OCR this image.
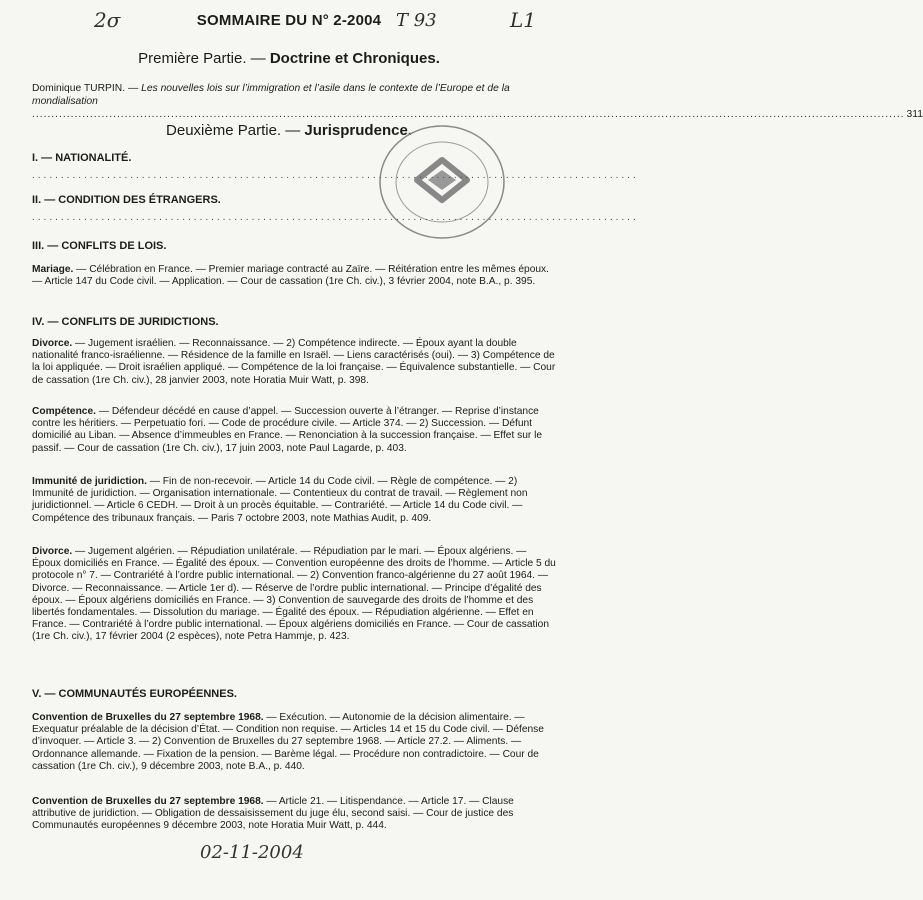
2σ	T 93	L1
SOMMAIRE DU N° 2-2004
Première Partie. — Doctrine et Chroniques.
Dominique TURPIN. — Les nouvelles lois sur l’immigration et l’asile dans le contexte de l’Europe et de la mondialisation
.................................................................................................................................................................................................................................. 311
Deuxième Partie. — Jurisprudence.
I. — NATIONALITÉ.
.........................................................................................................
II. — CONDITION DES ÉTRANGERS.
.........................................................................................................
III. — CONFLITS DE LOIS.
Mariage. — Célébration en France. — Premier mariage contracté au Zaïre. — Réitération entre les mêmes époux. — Article 147 du Code civil. — Application. — Cour de cassation (1re Ch. civ.), 3 février 2004, note B.A., p. 395.
IV. — CONFLITS DE JURIDICTIONS.
Divorce. — Jugement israélien. — Reconnaissance. — 2) Compétence indirecte. — Époux ayant la double nationalité franco-israélienne. — Résidence de la famille en Israël. — Liens caractérisés (oui). — 3) Compétence de la loi appliquée. — Droit israélien appliqué. — Compétence de la loi française. — Équivalence substantielle. — Cour de cassation (1re Ch. civ.), 28 janvier 2003, note Horatia Muir Watt, p. 398.
Compétence. — Défendeur décédé en cause d’appel. — Succession ouverte à l’étranger. — Reprise d’instance contre les héritiers. — Perpetuatio fori. — Code de procédure civile. — Article 374. — 2) Succession. — Défunt domicilié au Liban. — Absence d’immeubles en France. — Renonciation à la succession française. — Effet sur le passif. — Cour de cassation (1re Ch. civ.), 17 juin 2003, note Paul Lagarde, p. 403.
Immunité de juridiction. — Fin de non-recevoir. — Article 14 du Code civil. — Règle de compétence. — 2) Immunité de juridiction. — Organisation internationale. — Contentieux du contrat de travail. — Règlement non juridictionnel. — Article 6 CEDH. — Droit à un procès équitable. — Contrariété. — Article 14 du Code civil. — Compétence des tribunaux français. — Paris 7 octobre 2003, note Mathias Audit, p. 409.
Divorce. — Jugement algérien. — Répudiation unilatérale. — Répudiation par le mari. — Époux algériens. — Époux domiciliés en France. — Égalité des époux. — Convention européenne des droits de l’homme. — Article 5 du protocole n° 7. — Contrariété à l’ordre public international. — 2) Convention franco-algérienne du 27 août 1964. — Divorce. — Reconnaissance. — Article 1er d). — Réserve de l’ordre public international. — Principe d’égalité des époux. — Époux algériens domiciliés en France. — 3) Convention de sauvegarde des droits de l’homme et des libertés fondamentales. — Dissolution du mariage. — Égalité des époux. — Répudiation algérienne. — Effet en France. — Contrariété à l’ordre public international. — Époux algériens domiciliés en France. — Cour de cassation (1re Ch. civ.), 17 février 2004 (2 espèces), note Petra Hammje, p. 423.
V. — COMMUNAUTÉS EUROPÉENNES.
Convention de Bruxelles du 27 septembre 1968. — Exécution. — Autonomie de la décision alimentaire. — Exequatur préalable de la décision d’État. — Condition non requise. — Articles 14 et 15 du Code civil. — Défense d’invoquer. — Article 3. — 2) Convention de Bruxelles du 27 septembre 1968. — Article 27.2. — Aliments. — Ordonnance allemande. — Fixation de la pension. — Barème légal. — Procédure non contradictoire. — Cour de cassation (1re Ch. civ.), 9 décembre 2003, note B.A., p. 440.
Convention de Bruxelles du 27 septembre 1968. — Article 21. — Litispendance. — Article 17. — Clause attributive de juridiction. — Obligation de dessaisissement du juge élu, second saisi. — Cour de justice des Communautés européennes 9 décembre 2003, note Horatia Muir Watt, p. 444.
02-11-2004
